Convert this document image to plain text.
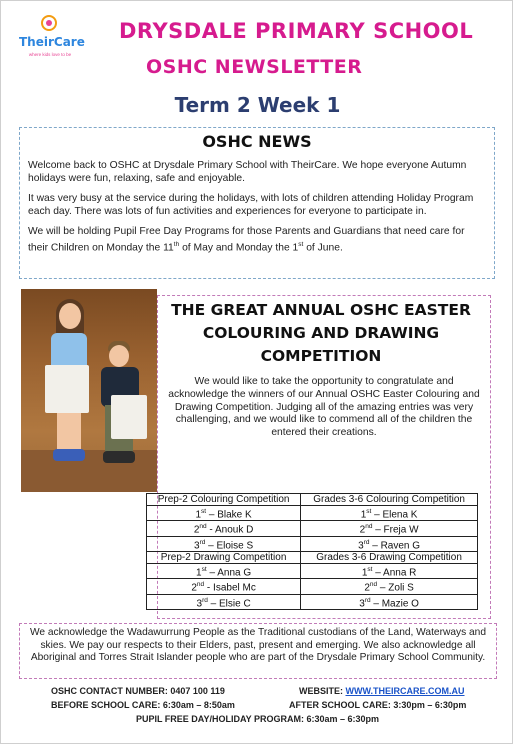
TheirCare
where kids love to be
DRYSDALE PRIMARY SCHOOL
OSHC NEWSLETTER
Term 2 Week 1
OSHC NEWS

Welcome back to OSHC at Drysdale Primary School with TheirCare. We hope everyone Autumn holidays were fun, relaxing, safe and enjoyable.

It was very busy at the service during the holidays, with lots of children attending Holiday Program each day. There was lots of fun activities and experiences for everyone to participate in.

We will be holding Pupil Free Day Programs for those Parents and Guardians that need care for their Children on Monday the 11th of May and Monday the 1st of June.

THE GREAT ANNUAL OSHC EASTER COLOURING AND DRAWING COMPETITION
We would like to take the opportunity to congratulate and acknowledge the winners of our Annual OSHC Easter Colouring and Drawing Competition. Judging all of the amazing entries was very challenging, and we would like to commend all of the children the entered their creations.
Prep-2 Colouring Competition	Grades 3-6 Colouring Competition
1st – Blake K	1st – Elena K
2nd - Anouk D	2nd – Freja W
3rd – Eloise S	3rd – Raven G
Prep-2 Drawing Competition	Grades 3-6 Drawing Competition
1st – Anna G	1st – Anna R
2nd - Isabel Mc	2nd – Zoli S
3rd – Elsie C	3rd – Mazie O
We acknowledge the Wadawurrung People as the Traditional custodians of the Land, Waterways and skies. We pay our respects to their Elders, past, present and emerging. We also acknowledge all Aboriginal and Torres Strait Islander people who are part of the Drysdale Primary School Community.
OSHC CONTACT NUMBER: 0407 100 119	WEBSITE: WWW.THEIRCARE.COM.AU
BEFORE SCHOOL CARE: 6:30am – 8:50am	AFTER SCHOOL CARE: 3:30pm – 6:30pm
PUPIL FREE DAY/HOLIDAY PROGRAM: 6:30am – 6:30pm
